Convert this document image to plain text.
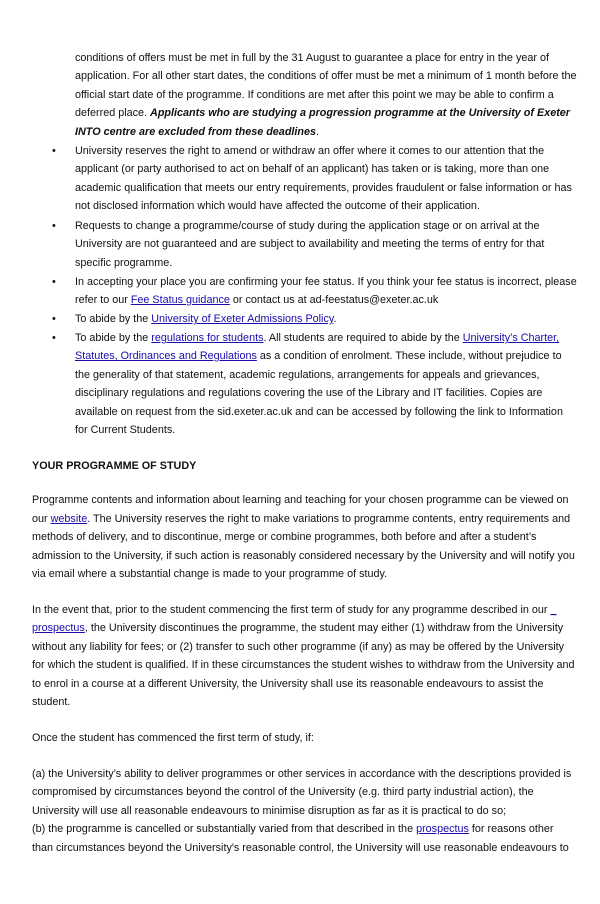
conditions of offers must be met in full by the 31 August to guarantee a place for entry in the year of
application. For all other start dates, the conditions of offer must be met a minimum of 1 month before the
official start date of the programme. If conditions are met after this point we may be able to confirm a
deferred place. Applicants who are studying a progression programme at the University of Exeter
INTO centre are excluded from these deadlines.
• University reserves the right to amend or withdraw an offer where it comes to our attention that the
applicant (or party authorised to act on behalf of an applicant) has taken or is taking, more than one
academic qualification that meets our entry requirements, provides fraudulent or false information or has
not disclosed information which would have affected the outcome of their application.
• Requests to change a programme/course of study during the application stage or on arrival at the
University are not guaranteed and are subject to availability and meeting the terms of entry for that
specific programme.
• In accepting your place you are confirming your fee status. If you think your fee status is incorrect, please
refer to our Fee Status guidance or contact us at ad-feestatus@exeter.ac.uk
• To abide by the University of Exeter Admissions Policy.
• To abide by the regulations for students. All students are required to abide by the University’s Charter,
Statutes, Ordinances and Regulations as a condition of enrolment. These include, without prejudice to
the generality of that statement, academic regulations, arrangements for appeals and grievances,
disciplinary regulations and regulations covering the use of the Library and IT facilities. Copies are
available on request from the sid.exeter.ac.uk and can be accessed by following the link to Information
for Current Students.
YOUR PROGRAMME OF STUDY
Programme contents and information about learning and teaching for your chosen programme can be viewed on
our website. The University reserves the right to make variations to programme contents, entry requirements and
methods of delivery, and to discontinue, merge or combine programmes, both before and after a student’s
admission to the University, if such action is reasonably considered necessary by the University and will notify you
via email where a substantial change is made to your programme of study.
In the event that, prior to the student commencing the first term of study for any programme described in our _
prospectus, the University discontinues the programme, the student may either (1) withdraw from the University
without any liability for fees; or (2) transfer to such other programme (if any) as may be offered by the University
for which the student is qualified. If in these circumstances the student wishes to withdraw from the University and
to enrol in a course at a different University, the University shall use its reasonable endeavours to assist the
student.
Once the student has commenced the first term of study, if:
(a) the University’s ability to deliver programmes or other services in accordance with the descriptions provided is
compromised by circumstances beyond the control of the University (e.g. third party industrial action), the
University will use all reasonable endeavours to minimise disruption as far as it is practical to do so;
(b) the programme is cancelled or substantially varied from that described in the prospectus for reasons other
than circumstances beyond the University's reasonable control, the University will use reasonable endeavours to
